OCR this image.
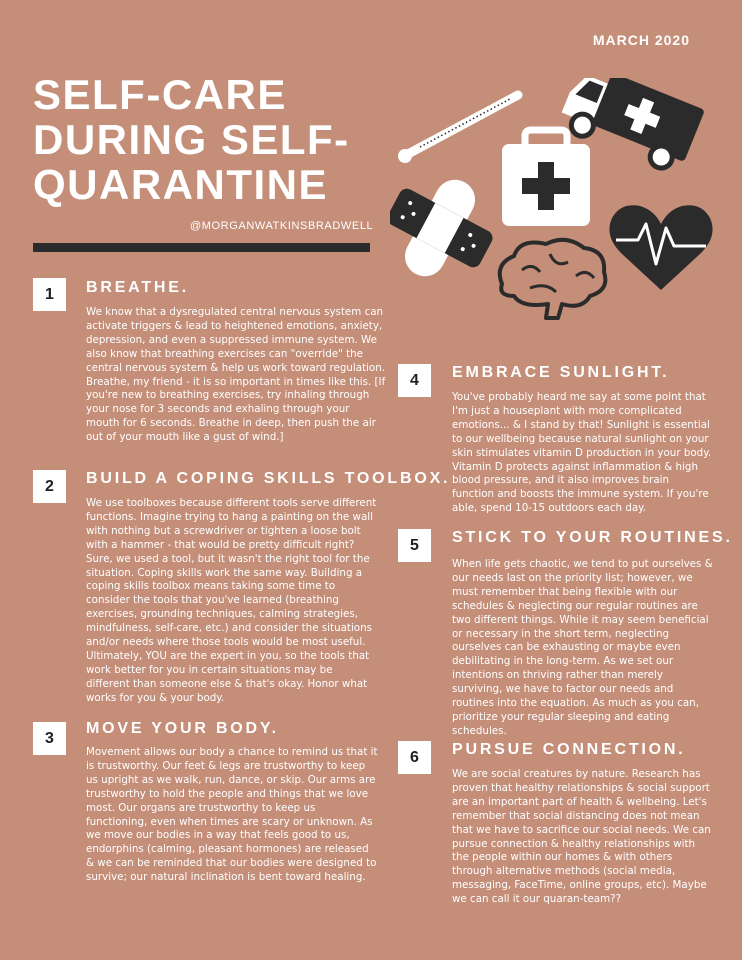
MARCH 2020
SELF-CARE DURING SELF-QUARANTINE
@MORGANWATKINSBRADWELL
1	BREATHE.

We know that a dysregulated central nervous system can activate triggers & lead to heightened emotions, anxiety, depression, and even a suppressed immune system. We also know that breathing exercises can "override" the central nervous system & help us work toward regulation. Breathe, my friend - it is so important in times like this. [If you're new to breathing exercises, try inhaling through your nose for 3 seconds and exhaling through your mouth for 6 seconds. Breathe in deep, then push the air out of your mouth like a gust of wind.]

2	BUILD A COPING SKILLS TOOLBOX.

We use toolboxes because different tools serve different functions. Imagine trying to hang a painting on the wall with nothing but a screwdriver or tighten a loose bolt with a hammer - that would be pretty difficult right? Sure, we used a tool, but it wasn't the right tool for the situation. Coping skills work the same way. Building a coping skills toolbox means taking some time to consider the tools that you've learned (breathing exercises, grounding techniques, calming strategies, mindfulness, self-care, etc.) and consider the situations and/or needs where those tools would be most useful. Ultimately, YOU are the expert in you, so the tools that work better for you in certain situations may be different than someone else & that's okay. Honor what works for you & your body.

3
MOVE YOUR BODY.

Movement allows our body a chance to remind us that it is trustworthy. Our feet & legs are trustworthy to keep us upright as we walk, run, dance, or skip. Our arms are trustworthy to hold the people and things that we love most. Our organs are trustworthy to keep us functioning, even when times are scary or unknown. As we move our bodies in a way that feels good to us, endorphins (calming, pleasant hormones) are released & we can be reminded that our bodies were designed to survive; our natural inclination is bent toward healing.

4	EMBRACE SUNLIGHT.

You've probably heard me say at some point that I'm just a houseplant with more complicated emotions... & I stand by that! Sunlight is essential to our wellbeing because natural sunlight on your skin stimulates vitamin D production in your body. Vitamin D protects against inflammation & high blood pressure, and it also improves brain function and boosts the immune system. If you're able, spend 10-15 outdoors each day.

5	STICK TO YOUR ROUTINES.

When life gets chaotic, we tend to put ourselves & our needs last on the priority list; however, we must remember that being flexible with our schedules & neglecting our regular routines are two different things. While it may seem beneficial or necessary in the short term, neglecting ourselves can be exhausting or maybe even debilitating in the long-term. As we set our intentions on thriving rather than merely surviving, we have to factor our needs and routines into the equation. As much as you can, prioritize your regular sleeping and eating schedules.

6	PURSUE CONNECTION.

We are social creatures by nature. Research has proven that healthy relationships & social support are an important part of health & wellbeing. Let's remember that social distancing does not mean that we have to sacrifice our social needs. We can pursue connection & healthy relationships with the people within our homes & with others through alternative methods (social media, messaging, FaceTime, online groups, etc). Maybe we can call it our quaran-team??
